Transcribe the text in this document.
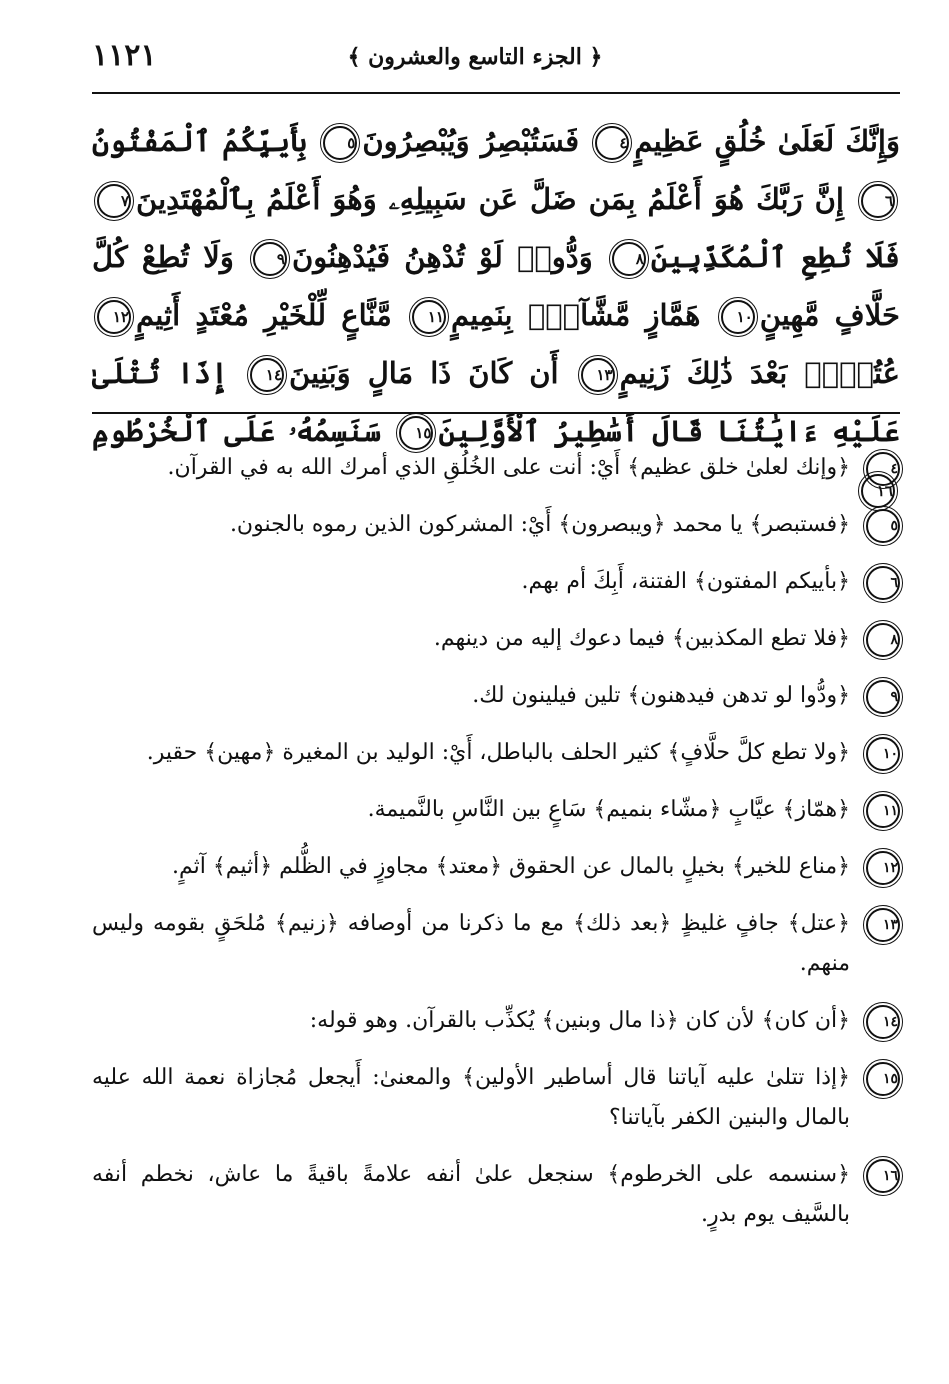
١١٢١	﴿ الجزء التاسع والعشرون ﴾
وَإِنَّكَ لَعَلَىٰ خُلُقٍ عَظِيمٍ٤ فَسَتُبْصِرُ وَيُبْصِرُونَ٥ بِأَييِّكُمُ ٱلْمَفْتُونُ٦ إِنَّ رَبَّكَ هُوَ أَعْلَمُ بِمَن ضَلَّ عَن سَبِيلِهِۦ وَهُوَ أَعْلَمُ بِٱلْمُهْتَدِينَ٧ فَلَا تُطِعِ ٱلْمُكَذِّبِينَ٨ وَدُّوا۟ لَوْ تُدْهِنُ فَيُدْهِنُونَ٩ وَلَا تُطِعْ كُلَّ حَلَّافٍ مَّهِينٍ١٠ هَمَّازٍ مَّشَّآءٍۭ بِنَمِيمٍ١١ مَّنَّاعٍ لِّلْخَيْرِ مُعْتَدٍ أَثِيمٍ١٢ عُتُلٍّۭ بَعْدَ ذَٰلِكَ زَنِيمٍ١٣ أَن كَانَ ذَا مَالٍ وَبَنِينَ١٤ إِذَا تُتْلَىٰ عَلَيْهِ ءَايَٰتُنَا قَالَ أَسَٰطِيرُ ٱلْأَوَّلِينَ١٥ سَنَسِمُهُۥ عَلَى ٱلْخُرْطُومِ١٦
٤
﴿وإنك لعلىٰ خلق عظيم﴾ أَيْ: أنت على الخُلُقِ الذي أمرك الله به في القرآن.
٥
﴿فستبصر﴾ يا محمد ﴿ويبصرون﴾ أَيْ: المشركون الذين رموه بالجنون.
٦
﴿بأييكم المفتون﴾ الفتنة، أَبِكَ أم بهم.
٨
﴿فلا تطع المكذبين﴾ فيما دعوك إليه من دينهم.
٩
﴿ودُّوا لو تدهن فيدهنون﴾ تلين فيلينون لك.
١٠
﴿ولا تطع كلَّ حلَّافٍ﴾ كثير الحلف بالباطل، أَيْ: الوليد بن المغيرة ﴿مهين﴾ حقير.
١١
﴿همّاز﴾ عيَّابٍ ﴿مشّاء بنميم﴾ سَاعٍ بين النَّاسِ بالنَّميمة.
١٢
﴿مناع للخير﴾ بخيلٍ بالمال عن الحقوق ﴿معتد﴾ مجاوزٍ في الظُّلم ﴿أثيم﴾ آثمٍ.
١٣
﴿عتل﴾ جافٍ غليظٍ ﴿بعد ذلك﴾ مع ما ذكرنا من أوصافه ﴿زنيم﴾ مُلحَقٍ بقومه وليس منهم.
١٤
﴿أن كان﴾ لأن كان ﴿ذا مال وبنين﴾ يُكذِّب بالقرآن. وهو قوله:
١٥
﴿إذا تتلىٰ عليه آياتنا قال أساطير الأولين﴾ والمعنىٰ: أَيجعل مُجازاة نعمة الله عليه بالمال والبنين الكفر بآياتنا؟
١٦
﴿سنسمه على الخرطوم﴾ سنجعل علىٰ أنفه علامةً باقيةً ما عاش، نخطم أنفه بالسَّيف يوم بدرٍ.
